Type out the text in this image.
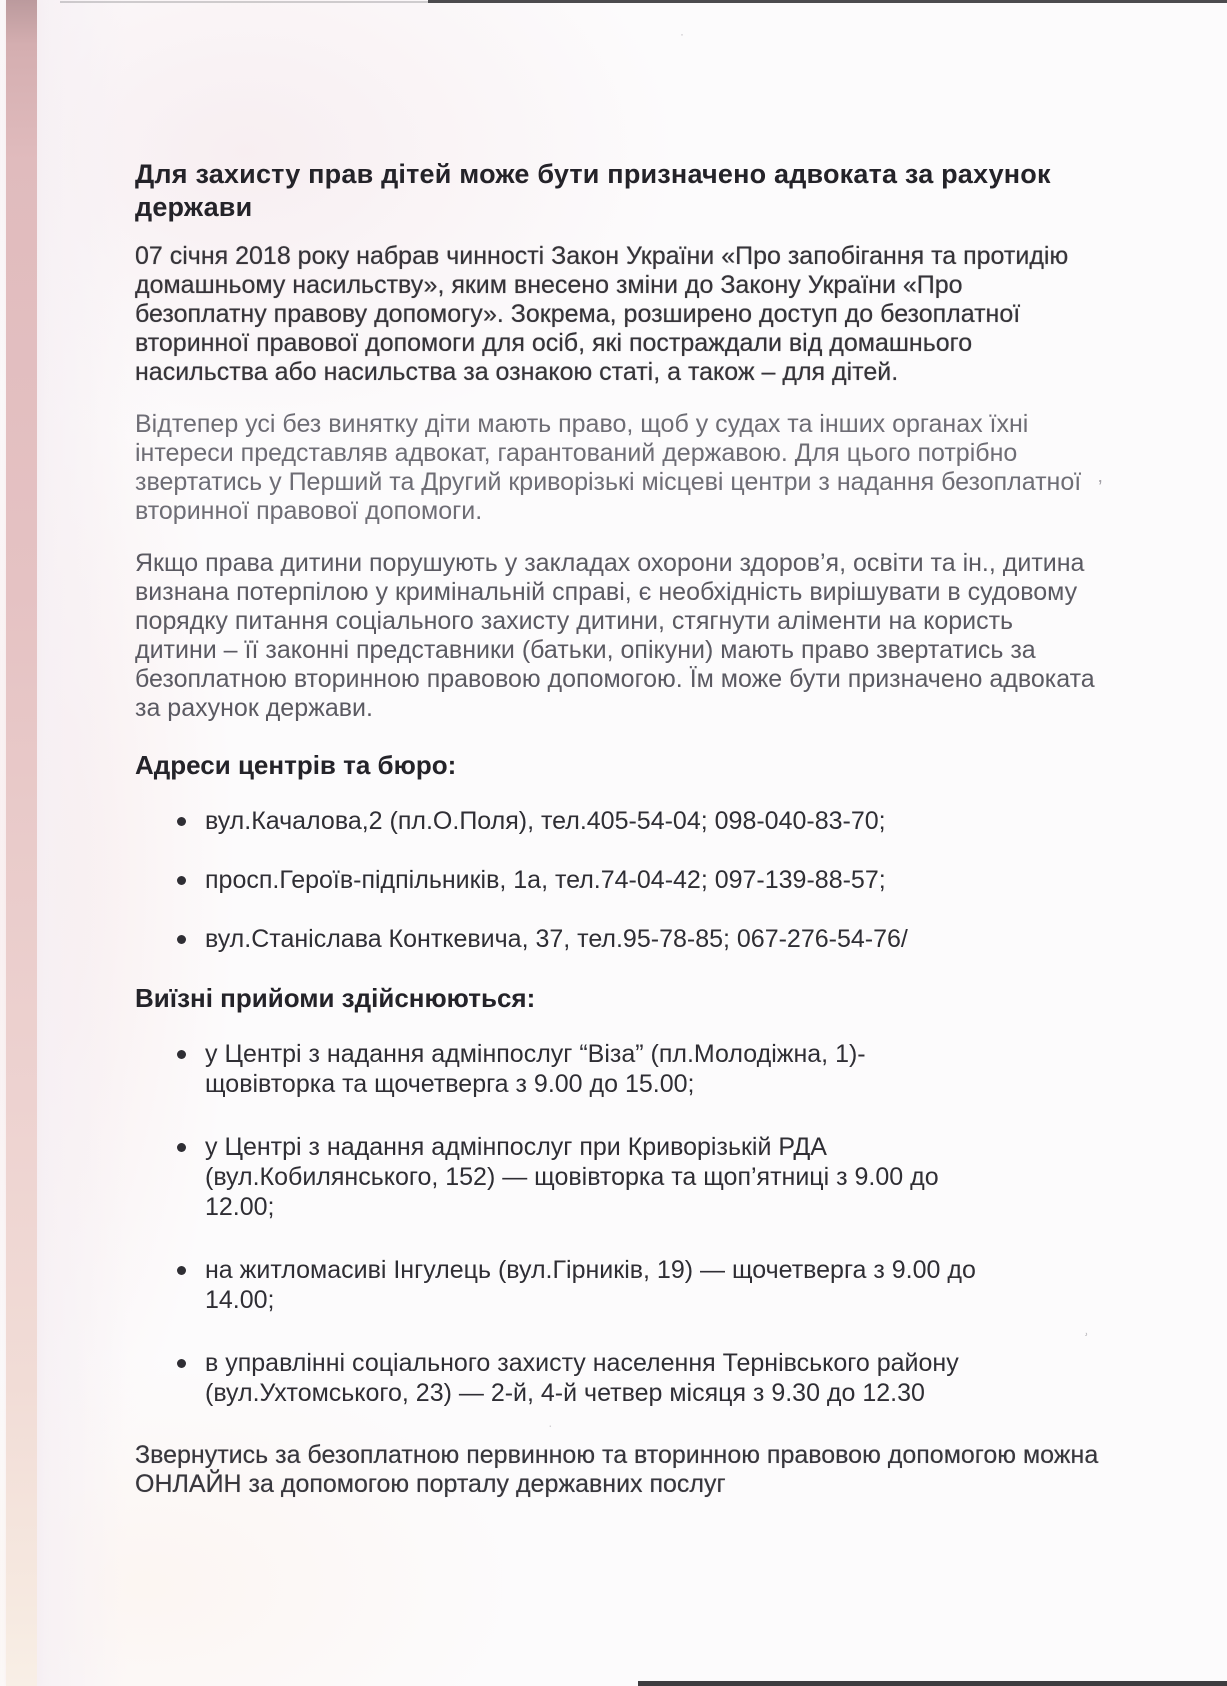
Для захисту прав дітей може бути призначено адвоката за рахунок держави

07 січня 2018 року набрав чинності Закон України «Про запобігання та протидію домашньому насильству», яким внесено зміни до Закону України «Про безоплатну правову допомогу». Зокрема, розширено доступ до безоплатної вторинної правової допомоги для осіб, які постраждали від домашнього насильства або насильства за ознакою статі, а також – для дітей.

Відтепер усі без винятку діти мають право, щоб у судах та інших органах їхні інтереси представляв адвокат, гарантований державою. Для цього потрібно звертатись у Перший та Другий криворізькі місцеві центри з надання безоплатної вторинної правової допомоги.

Якщо права дитини порушують у закладах охорони здоров’я, освіти та ін., дитина визнана потерпілою у кримінальній справі, є необхідність вирішувати в судовому порядку питання соціального захисту дитини, стягнути аліменти на користь дитини – її законні представники (батьки, опікуни) мають право звертатись за безоплатною вторинною правовою допомогою. Їм може бути призначено адвоката за рахунок держави.

Адреси центрів та бюро:
вул.Качалова,2 (пл.О.Поля), тел.405-54-04; 098-040-83-70;
просп.Героїв-підпільників, 1а, тел.74-04-42; 097-139-88-57;
вул.Станіслава Конткевича, 37, тел.95-78-85; 067-276-54-76/
Виїзні прийоми здійснюються:
у Центрі з надання адмінпослуг “Віза” (пл.Молодіжна, 1)- щовівторка та щочетверга з 9.00 до 15.00;
у Центрі з надання адмінпослуг при Криворізькій РДА (вул.Кобилянського, 152) — щовівторка та щоп’ятниці з 9.00 до 12.00;
на житломасиві Інгулець (вул.Гірників, 19) — щочетверга з 9.00 до 14.00;
в управлінні соціального захисту населення Тернівського району (вул.Ухтомського, 23) — 2-й, 4-й четвер місяця з 9.30 до 12.30

Звернутись за безоплатною первинною та вторинною правовою допомогою можна ОНЛАЙН за допомогою порталу державних послуг

’
˒
·
·
